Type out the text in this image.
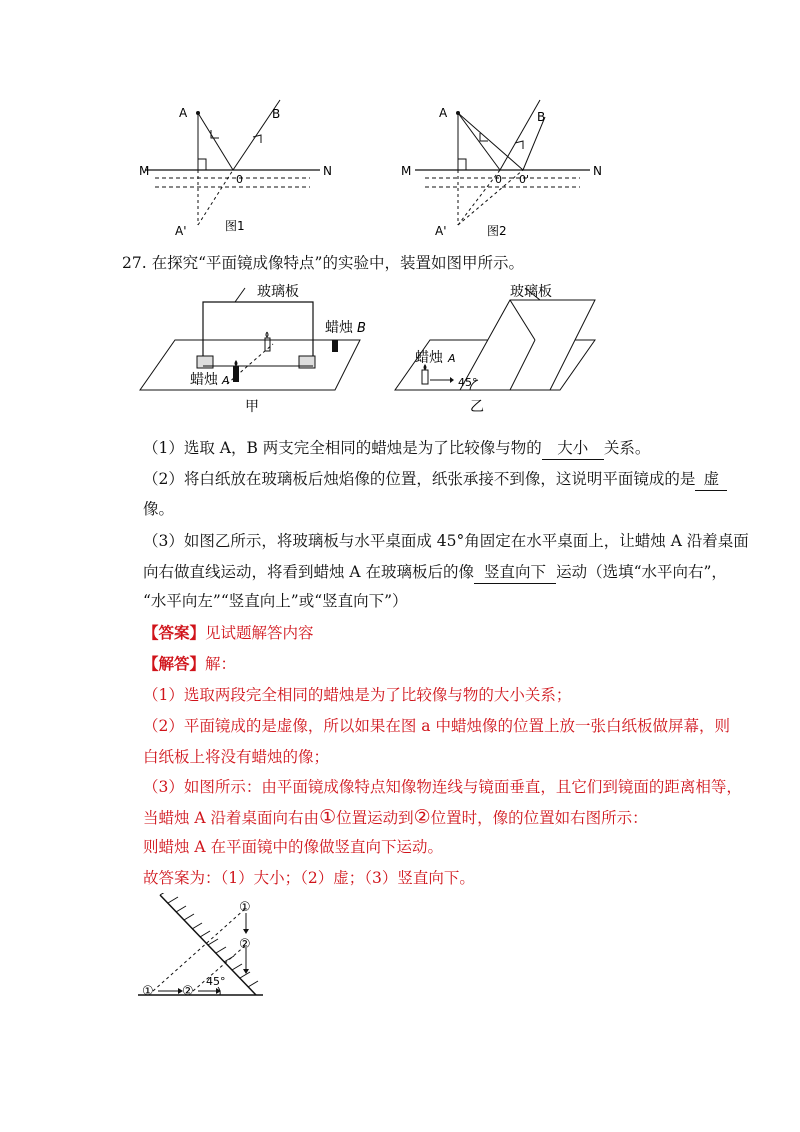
A	B
M	N
0
A'	图1
A	B
M	N
0 0'
A'	图2
27. 在探究“平面镜成像特点”的实验中，装置如图甲所示。
玻璃板
蜡烛 B
蜡烛 A
甲
玻璃板
蜡烛 A
45°
乙
（1）选取 A，B 两支完全相同的蜡烛是为了比较像与物的 大小 关系。
（2）将白纸放在玻璃板后烛焰像的位置，纸张承接不到像，这说明平面镜成的是 虚
像。
（3）如图乙所示，将玻璃板与水平桌面成 45°角固定在水平桌面上，让蜡烛 A 沿着桌面
向右做直线运动，将看到蜡烛 A 在玻璃板后的像 竖直向下 运动（选填“水平向右”，
“水平向左”“竖直向上”或“竖直向下”）
【答案】见试题解答内容
【解答】解：
（1）选取两段完全相同的蜡烛是为了比较像与物的大小关系；
（2）平面镜成的是虚像，所以如果在图 a 中蜡烛像的位置上放一张白纸板做屏幕，则
白纸板上将没有蜡烛的像；
（3）如图所示：由平面镜成像特点知像物连线与镜面垂直，且它们到镜面的距离相等，
当蜡烛 A 沿着桌面向右由①位置运动到②位置时，像的位置如右图所示：
则蜡烛 A 在平面镜中的像做竖直向下运动。
故答案为：（1）大小；（2）虚；（3）竖直向下。
①
②
① ②
45°
